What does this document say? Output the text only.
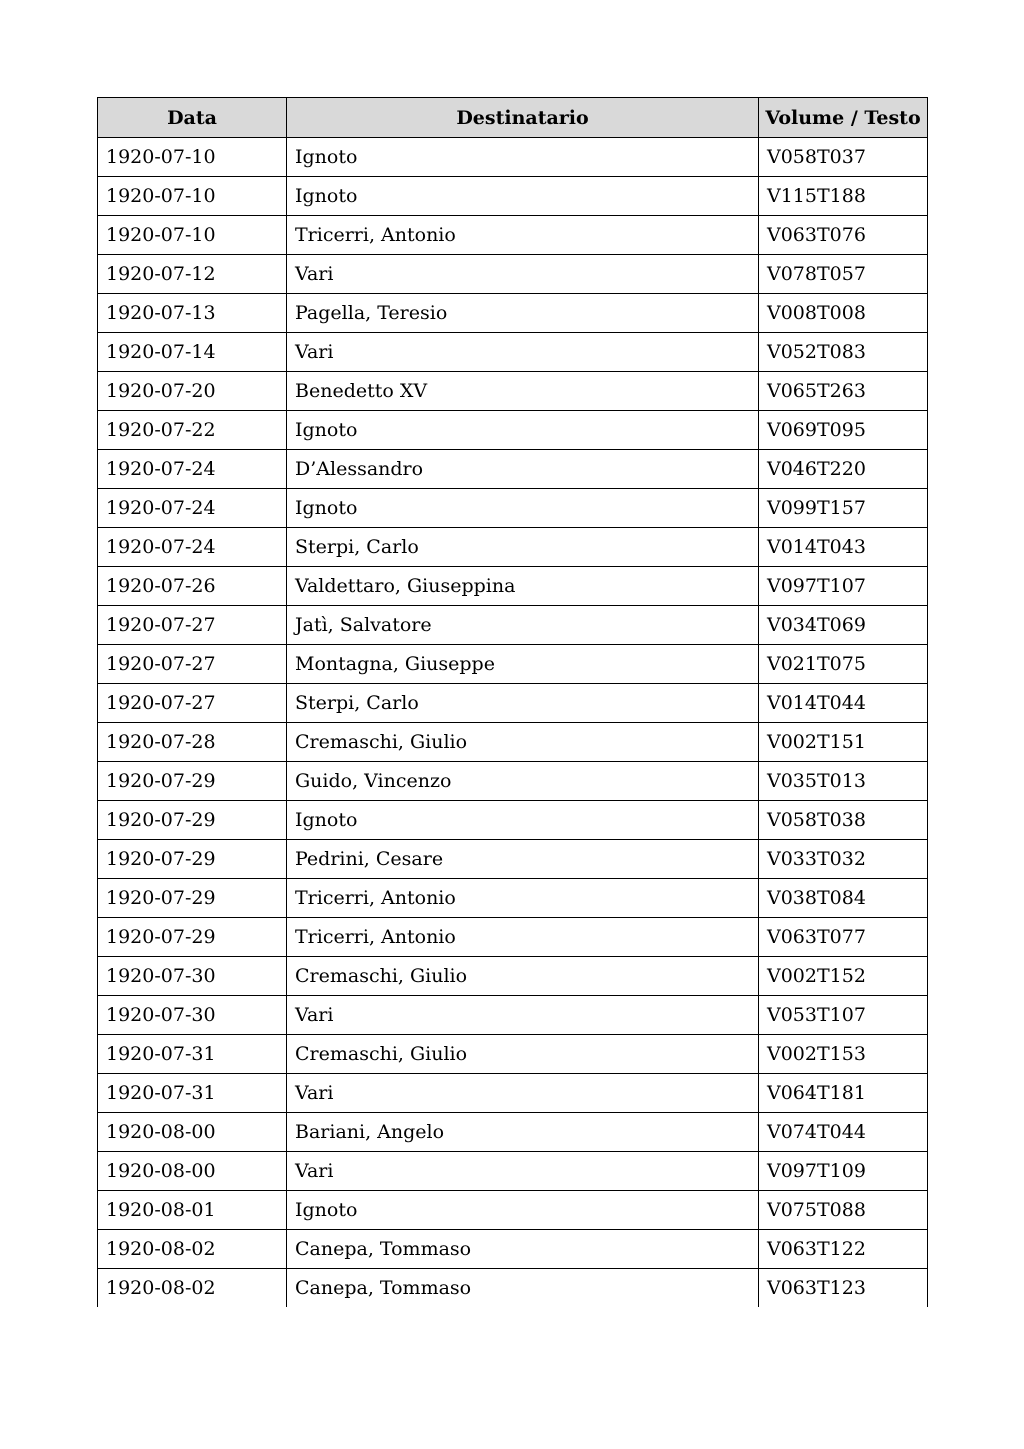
Data	Destinatario	Volume / Testo
1920-07-10	Ignoto	V058T037
1920-07-10	Ignoto	V115T188
1920-07-10	Tricerri, Antonio	V063T076
1920-07-12	Vari	V078T057
1920-07-13	Pagella, Teresio	V008T008
1920-07-14	Vari	V052T083
1920-07-20	Benedetto XV	V065T263
1920-07-22	Ignoto	V069T095
1920-07-24	D’Alessandro	V046T220
1920-07-24	Ignoto	V099T157
1920-07-24	Sterpi, Carlo	V014T043
1920-07-26	Valdettaro, Giuseppina	V097T107
1920-07-27	Jatì, Salvatore	V034T069
1920-07-27	Montagna, Giuseppe	V021T075
1920-07-27	Sterpi, Carlo	V014T044
1920-07-28	Cremaschi, Giulio	V002T151
1920-07-29	Guido, Vincenzo	V035T013
1920-07-29	Ignoto	V058T038
1920-07-29	Pedrini, Cesare	V033T032
1920-07-29	Tricerri, Antonio	V038T084
1920-07-29	Tricerri, Antonio	V063T077
1920-07-30	Cremaschi, Giulio	V002T152
1920-07-30	Vari	V053T107
1920-07-31	Cremaschi, Giulio	V002T153
1920-07-31	Vari	V064T181
1920-08-00	Bariani, Angelo	V074T044
1920-08-00	Vari	V097T109
1920-08-01	Ignoto	V075T088
1920-08-02	Canepa, Tommaso	V063T122
1920-08-02	Canepa, Tommaso	V063T123
